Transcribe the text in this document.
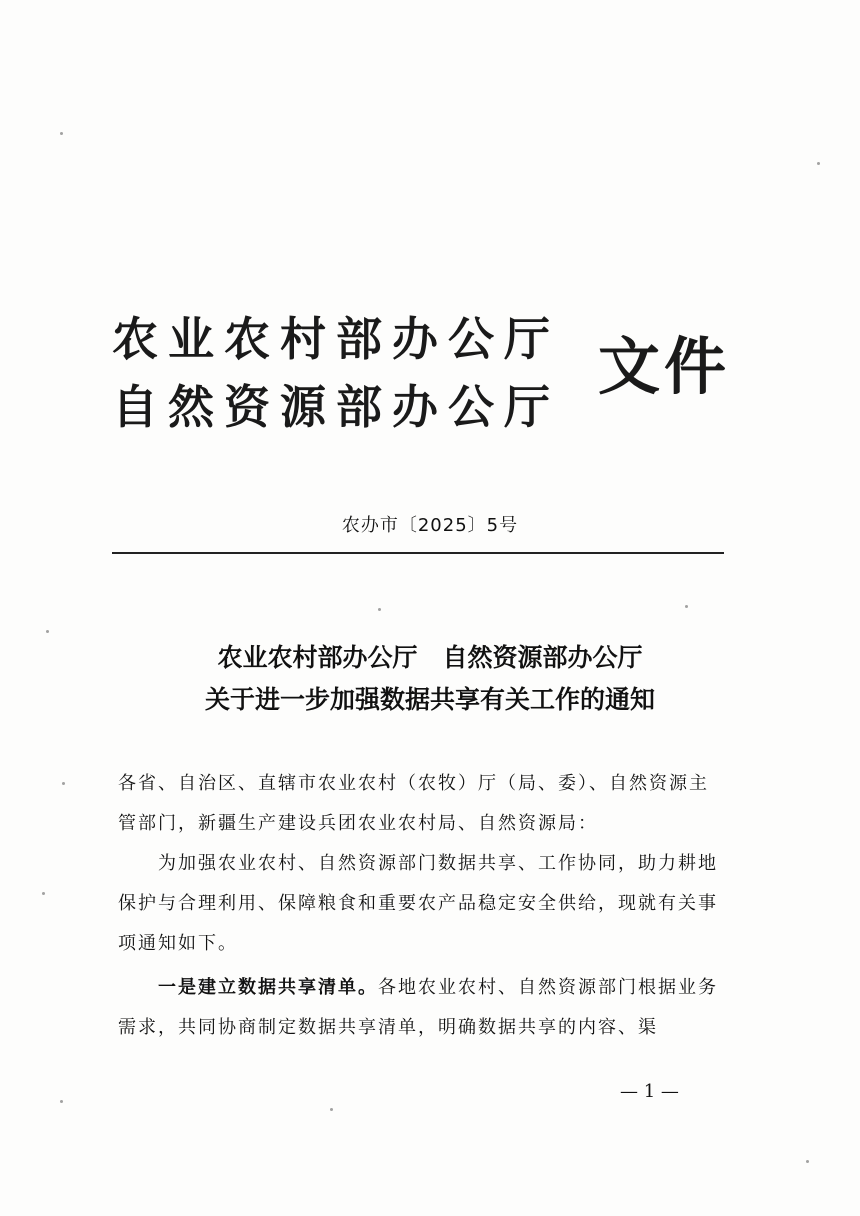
农业农村部办公厅
自然资源部办公厅
文件
农办市〔2025〕5号
农业农村部办公厅　自然资源部办公厅
关于进一步加强数据共享有关工作的通知
各省、自治区、直辖市农业农村（农牧）厅（局、委）、自然资源主管部门，新疆生产建设兵团农业农村局、自然资源局：
为加强农业农村、自然资源部门数据共享、工作协同，助力耕地保护与合理利用、保障粮食和重要农产品稳定安全供给，现就有关事项通知如下。
一是建立数据共享清单。各地农业农村、自然资源部门根据业务需求，共同协商制定数据共享清单，明确数据共享的内容、渠
— 1 —
